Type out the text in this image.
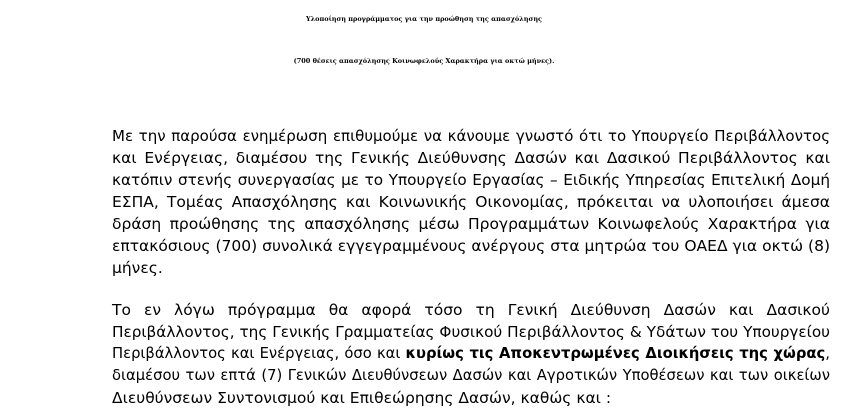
Υλοποίηση προγράμματος για την προώθηση της απασχόλησης
(700 θέσεις απασχόλησης Κοινωφελούς Χαρακτήρα για οκτώ μήνες).
Με την παρούσα ενημέρωση επιθυμούμε να κάνουμε γνωστό ότι το Υπουργείο Περιβάλλοντος
και Ενέργειας, διαμέσου της Γενικής Διεύθυνσης Δασών και Δασικού Περιβάλλοντος και
κατόπιν στενής συνεργασίας με το Υπουργείο Εργασίας – Ειδικής Υπηρεσίας Επιτελική Δομή
ΕΣΠΑ, Τομέας Απασχόλησης και Κοινωνικής Οικονομίας, πρόκειται να υλοποιήσει άμεσα
δράση προώθησης της απασχόλησης μέσω Προγραμμάτων Κοινωφελούς Χαρακτήρα για
επτακόσιους (700) συνολικά εγγεγραμμένους ανέργους στα μητρώα του ΟΑΕΔ για οκτώ (8)
μήνες.
Το εν λόγω πρόγραμμα θα αφορά τόσο τη Γενική Διεύθυνση Δασών και Δασικού
Περιβάλλοντος, της Γενικής Γραμματείας Φυσικού Περιβάλλοντος & Υδάτων του Υπουργείου
Περιβάλλοντος και Ενέργειας, όσο και κυρίως τις Αποκεντρωμένες Διοικήσεις της χώρας,
διαμέσου των επτά (7) Γενικών Διευθύνσεων Δασών και Αγροτικών Υποθέσεων και των οικείων
Διευθύνσεων Συντονισμού και Επιθεώρησης Δασών, καθώς και :
